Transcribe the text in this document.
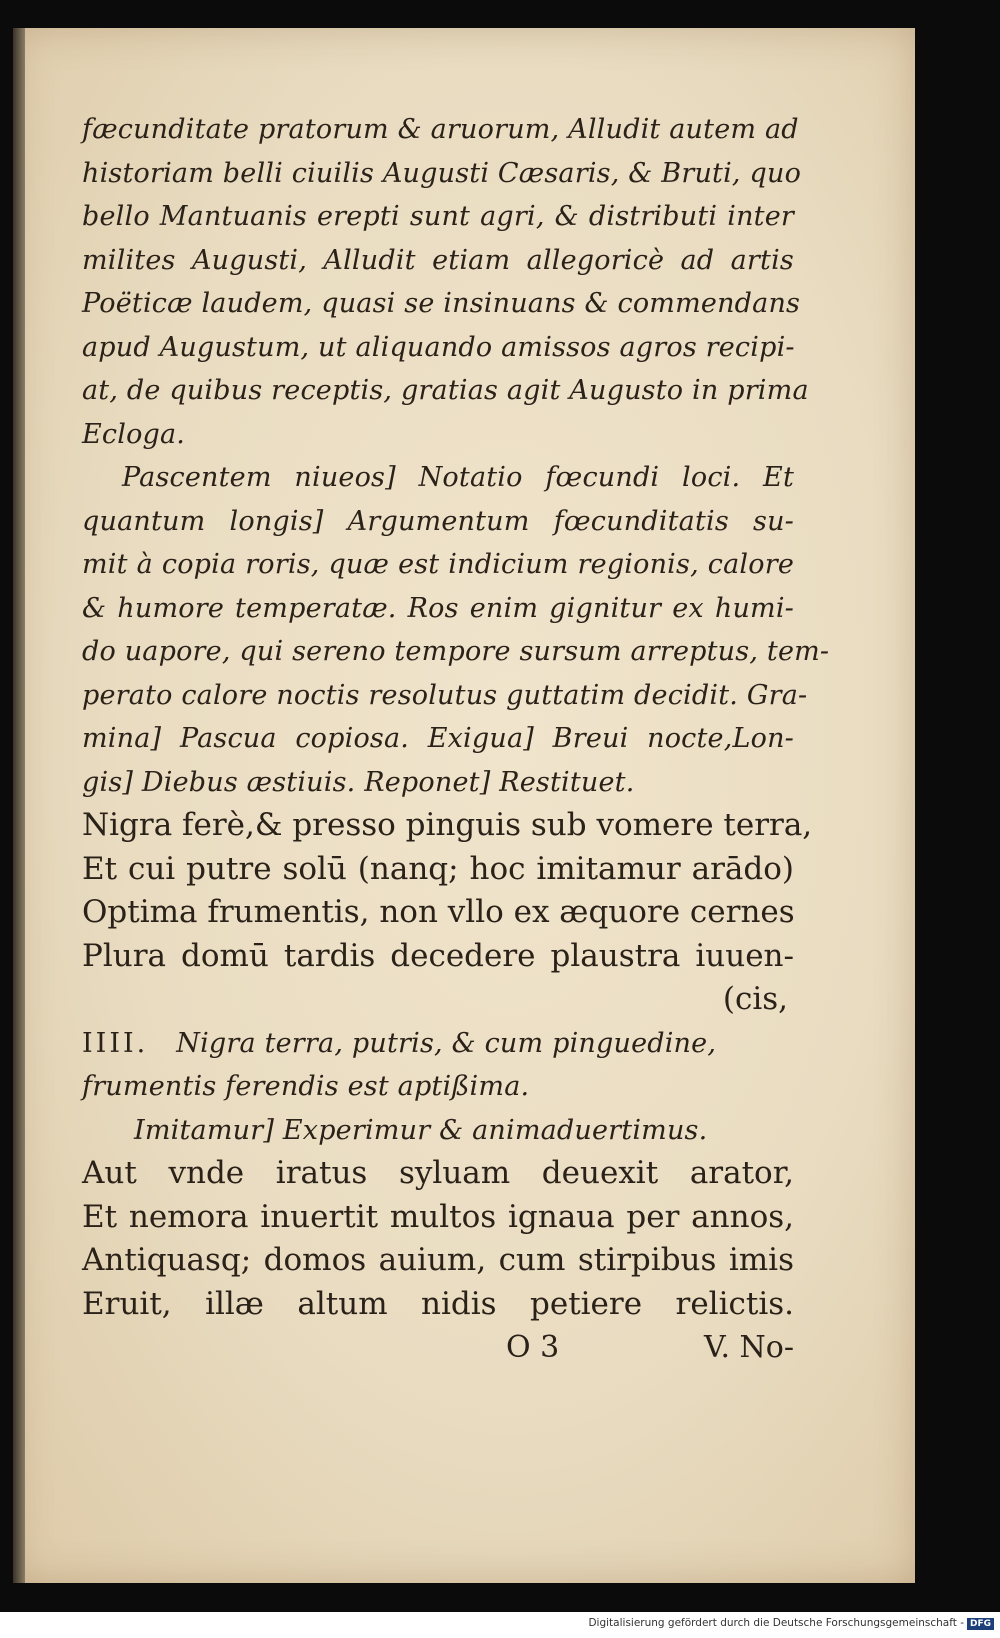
fæcunditate pratorum & aruorum, Alludit autem ad
historiam belli ciuilis Augusti Cæsaris, & Bruti, quo
bello Mantuanis erepti sunt agri, & distributi inter
milites Augusti, Alludit etiam allegoricè ad artis
Poëticæ laudem, quasi se insinuans & commendans
apud Augustum, ut aliquando amissos agros recipi-
at, de quibus receptis, gratias agit Augusto in prima
Ecloga.
Pascentem niueos] Notatio fœcundi loci. Et
quantum longis] Argumentum fœcunditatis su-
mit à copia roris, quæ est indicium regionis, calore
& humore temperatæ. Ros enim gignitur ex humi-
do uapore, qui sereno tempore sursum arreptus, tem-
perato calore noctis resolutus guttatim decidit. Gra-
mina] Pascua copiosa. Exigua] Breui nocte,Lon-
gis] Diebus æstiuis. Reponet] Restituet.
Nigra ferè,& presso pinguis sub vomere terra,
Et cui putre solū (nanq; hoc imitamur arādo)
Optima frumentis, non vllo ex æquore cernes
Plura domū tardis decedere plaustra iuuen-
(cis,
IIII. Nigra terra, putris, & cum pinguedine,
frumentis ferendis est aptißima.
Imitamur] Experimur & animaduertimus.
Aut vnde iratus syluam deuexit arator,
Et nemora inuertit multos ignaua per annos,
Antiquasq; domos auium, cum stirpibus imis
Eruit, illæ altum nidis petiere relictis.
O 3	V. No-
Digitalisierung gefördert durch die Deutsche Forschungsgemeinschaft - DFG
